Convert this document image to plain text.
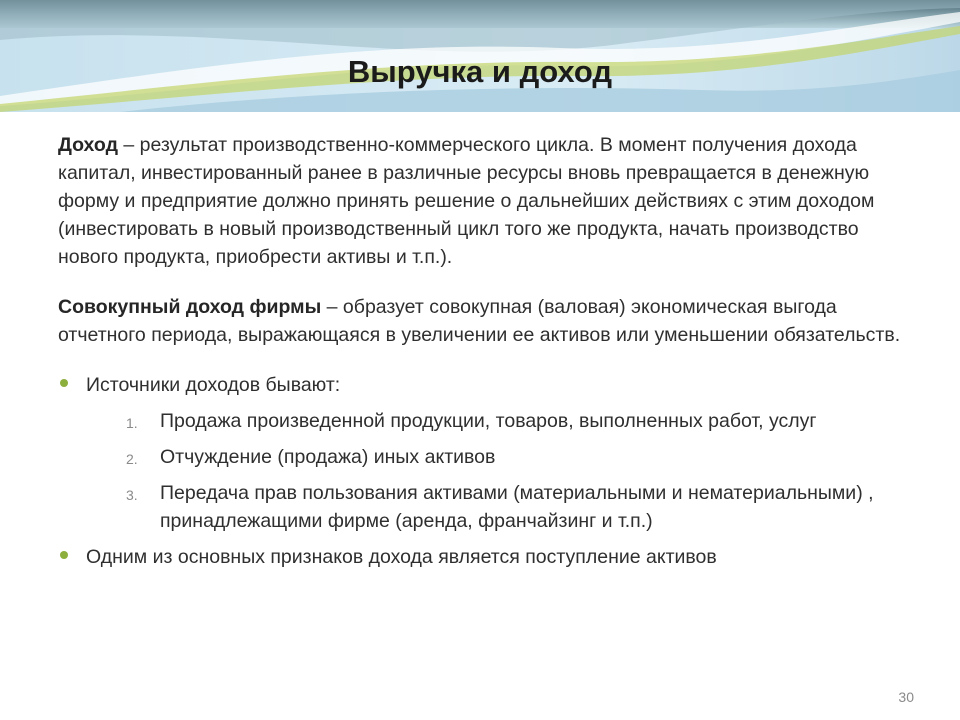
Выручка и доход

Доход – результат производственно-коммерческого цикла. В момент получения дохода капитал, инвестированный ранее в различные ресурсы вновь превращается в денежную форму и предприятие должно принять решение о дальнейших действиях с этим доходом (инвестировать в новый производственный цикл того же продукта, начать производство нового продукта, приобрести активы и т.п.).

Совокупный доход фирмы – образует совокупная (валовая) экономическая выгода отчетного периода, выражающаяся в увеличении ее активов или уменьшении обязательств.

Источники доходов бывают:
1. Продажа произведенной продукции, товаров, выполненных работ, услуг
2. Отчуждение (продажа) иных активов
3. Передача прав пользования активами (материальными и нематериальными) , принадлежащими фирме (аренда, франчайзинг и т.п.)
Одним из основных признаков дохода является поступление активов
30
